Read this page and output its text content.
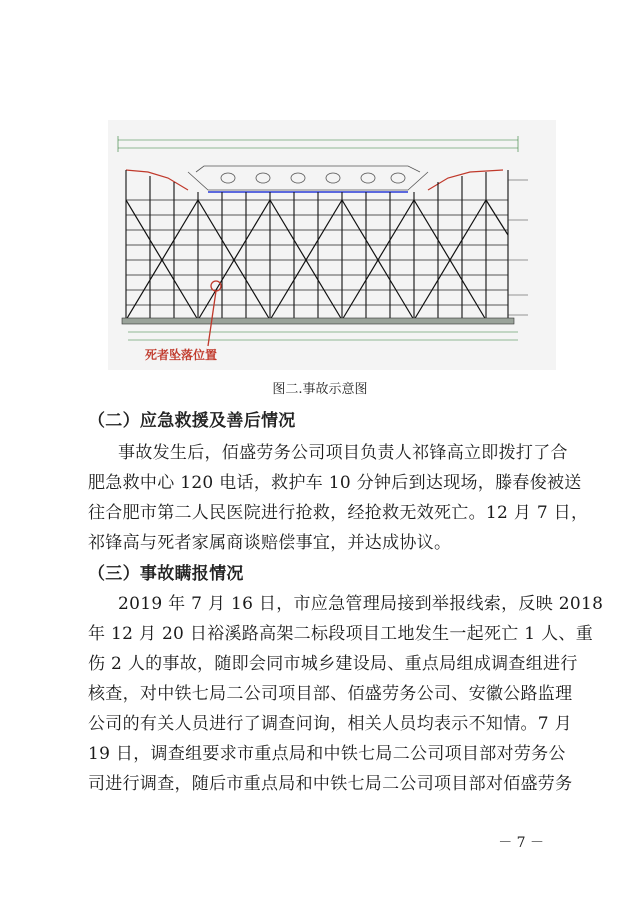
死者坠落位置
图二.事故示意图
（二）应急救援及善后情况
事故发生后，佰盛劳务公司项目负责人祁锋高立即拨打了合
肥急救中心 120 电话，救护车 10 分钟后到达现场，滕春俊被送
往合肥市第二人民医院进行抢救，经抢救无效死亡。12 月 7 日，
祁锋高与死者家属商谈赔偿事宜，并达成协议。
（三）事故瞒报情况
2019 年 7 月 16 日，市应急管理局接到举报线索，反映 2018
年 12 月 20 日裕溪路高架二标段项目工地发生一起死亡 1 人、重
伤 2 人的事故，随即会同市城乡建设局、重点局组成调查组进行
核查，对中铁七局二公司项目部、佰盛劳务公司、安徽公路监理
公司的有关人员进行了调查问询，相关人员均表示不知情。7 月
19 日，调查组要求市重点局和中铁七局二公司项目部对劳务公
司进行调查，随后市重点局和中铁七局二公司项目部对佰盛劳务
－ 7 －
